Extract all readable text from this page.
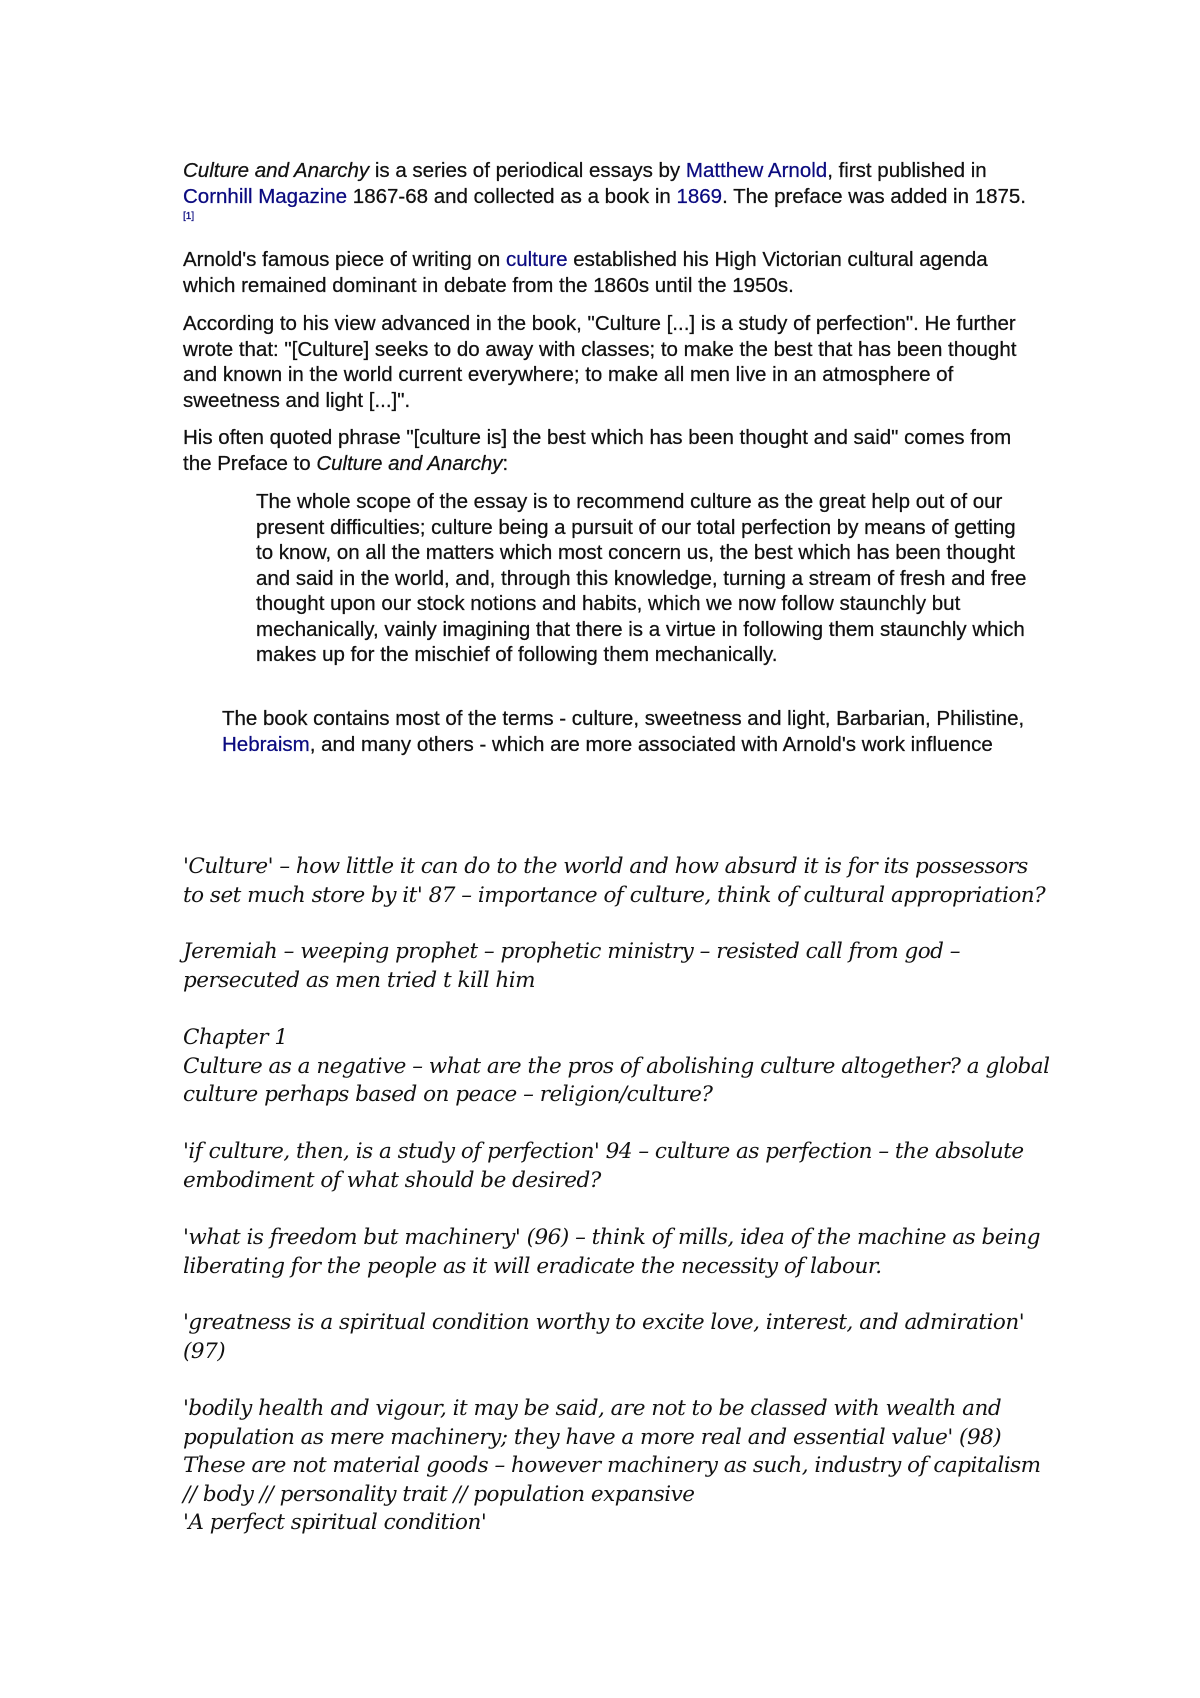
Culture and Anarchy is a series of periodical essays by Matthew Arnold, first published in Cornhill Magazine 1867-68 and collected as a book in 1869. The preface was added in 1875.[1]

Arnold's famous piece of writing on culture established his High Victorian cultural agenda which remained dominant in debate from the 1860s until the 1950s.

According to his view advanced in the book, "Culture [...] is a study of perfection". He further wrote that: "[Culture] seeks to do away with classes; to make the best that has been thought and known in the world current everywhere; to make all men live in an atmosphere of sweetness and light [...]".

His often quoted phrase "[culture is] the best which has been thought and said" comes from the Preface to Culture and Anarchy:

The whole scope of the essay is to recommend culture as the great help out of our present difficulties; culture being a pursuit of our total perfection by means of getting to know, on all the matters which most concern us, the best which has been thought and said in the world, and, through this knowledge, turning a stream of fresh and free thought upon our stock notions and habits, which we now follow staunchly but mechanically, vainly imagining that there is a virtue in following them staunchly which makes up for the mischief of following them mechanically.

The book contains most of the terms - culture, sweetness and light, Barbarian, Philistine, Hebraism, and many others - which are more associated with Arnold's work influence

'Culture' – how little it can do to the world and how absurd it is for its possessors to set much store by it' 87 – importance of culture, think of cultural appropriation?

Jeremiah – weeping prophet – prophetic ministry – resisted call from god – persecuted as men tried t kill him

Chapter 1

Culture as a negative – what are the pros of abolishing culture altogether? a global culture perhaps based on peace – religion/culture?

'if culture, then, is a study of perfection' 94 – culture as perfection – the absolute embodiment of what should be desired?

'what is freedom but machinery' (96) – think of mills, idea of the machine as being liberating for the people as it will eradicate the necessity of labour.

'greatness is a spiritual condition worthy to excite love, interest, and admiration' (97)

'bodily health and vigour, it may be said, are not to be classed with wealth and population as mere machinery; they have a more real and essential value' (98)

These are not material goods – however machinery as such, industry of capitalism // body // personality trait // population expansive

'A perfect spiritual condition'
